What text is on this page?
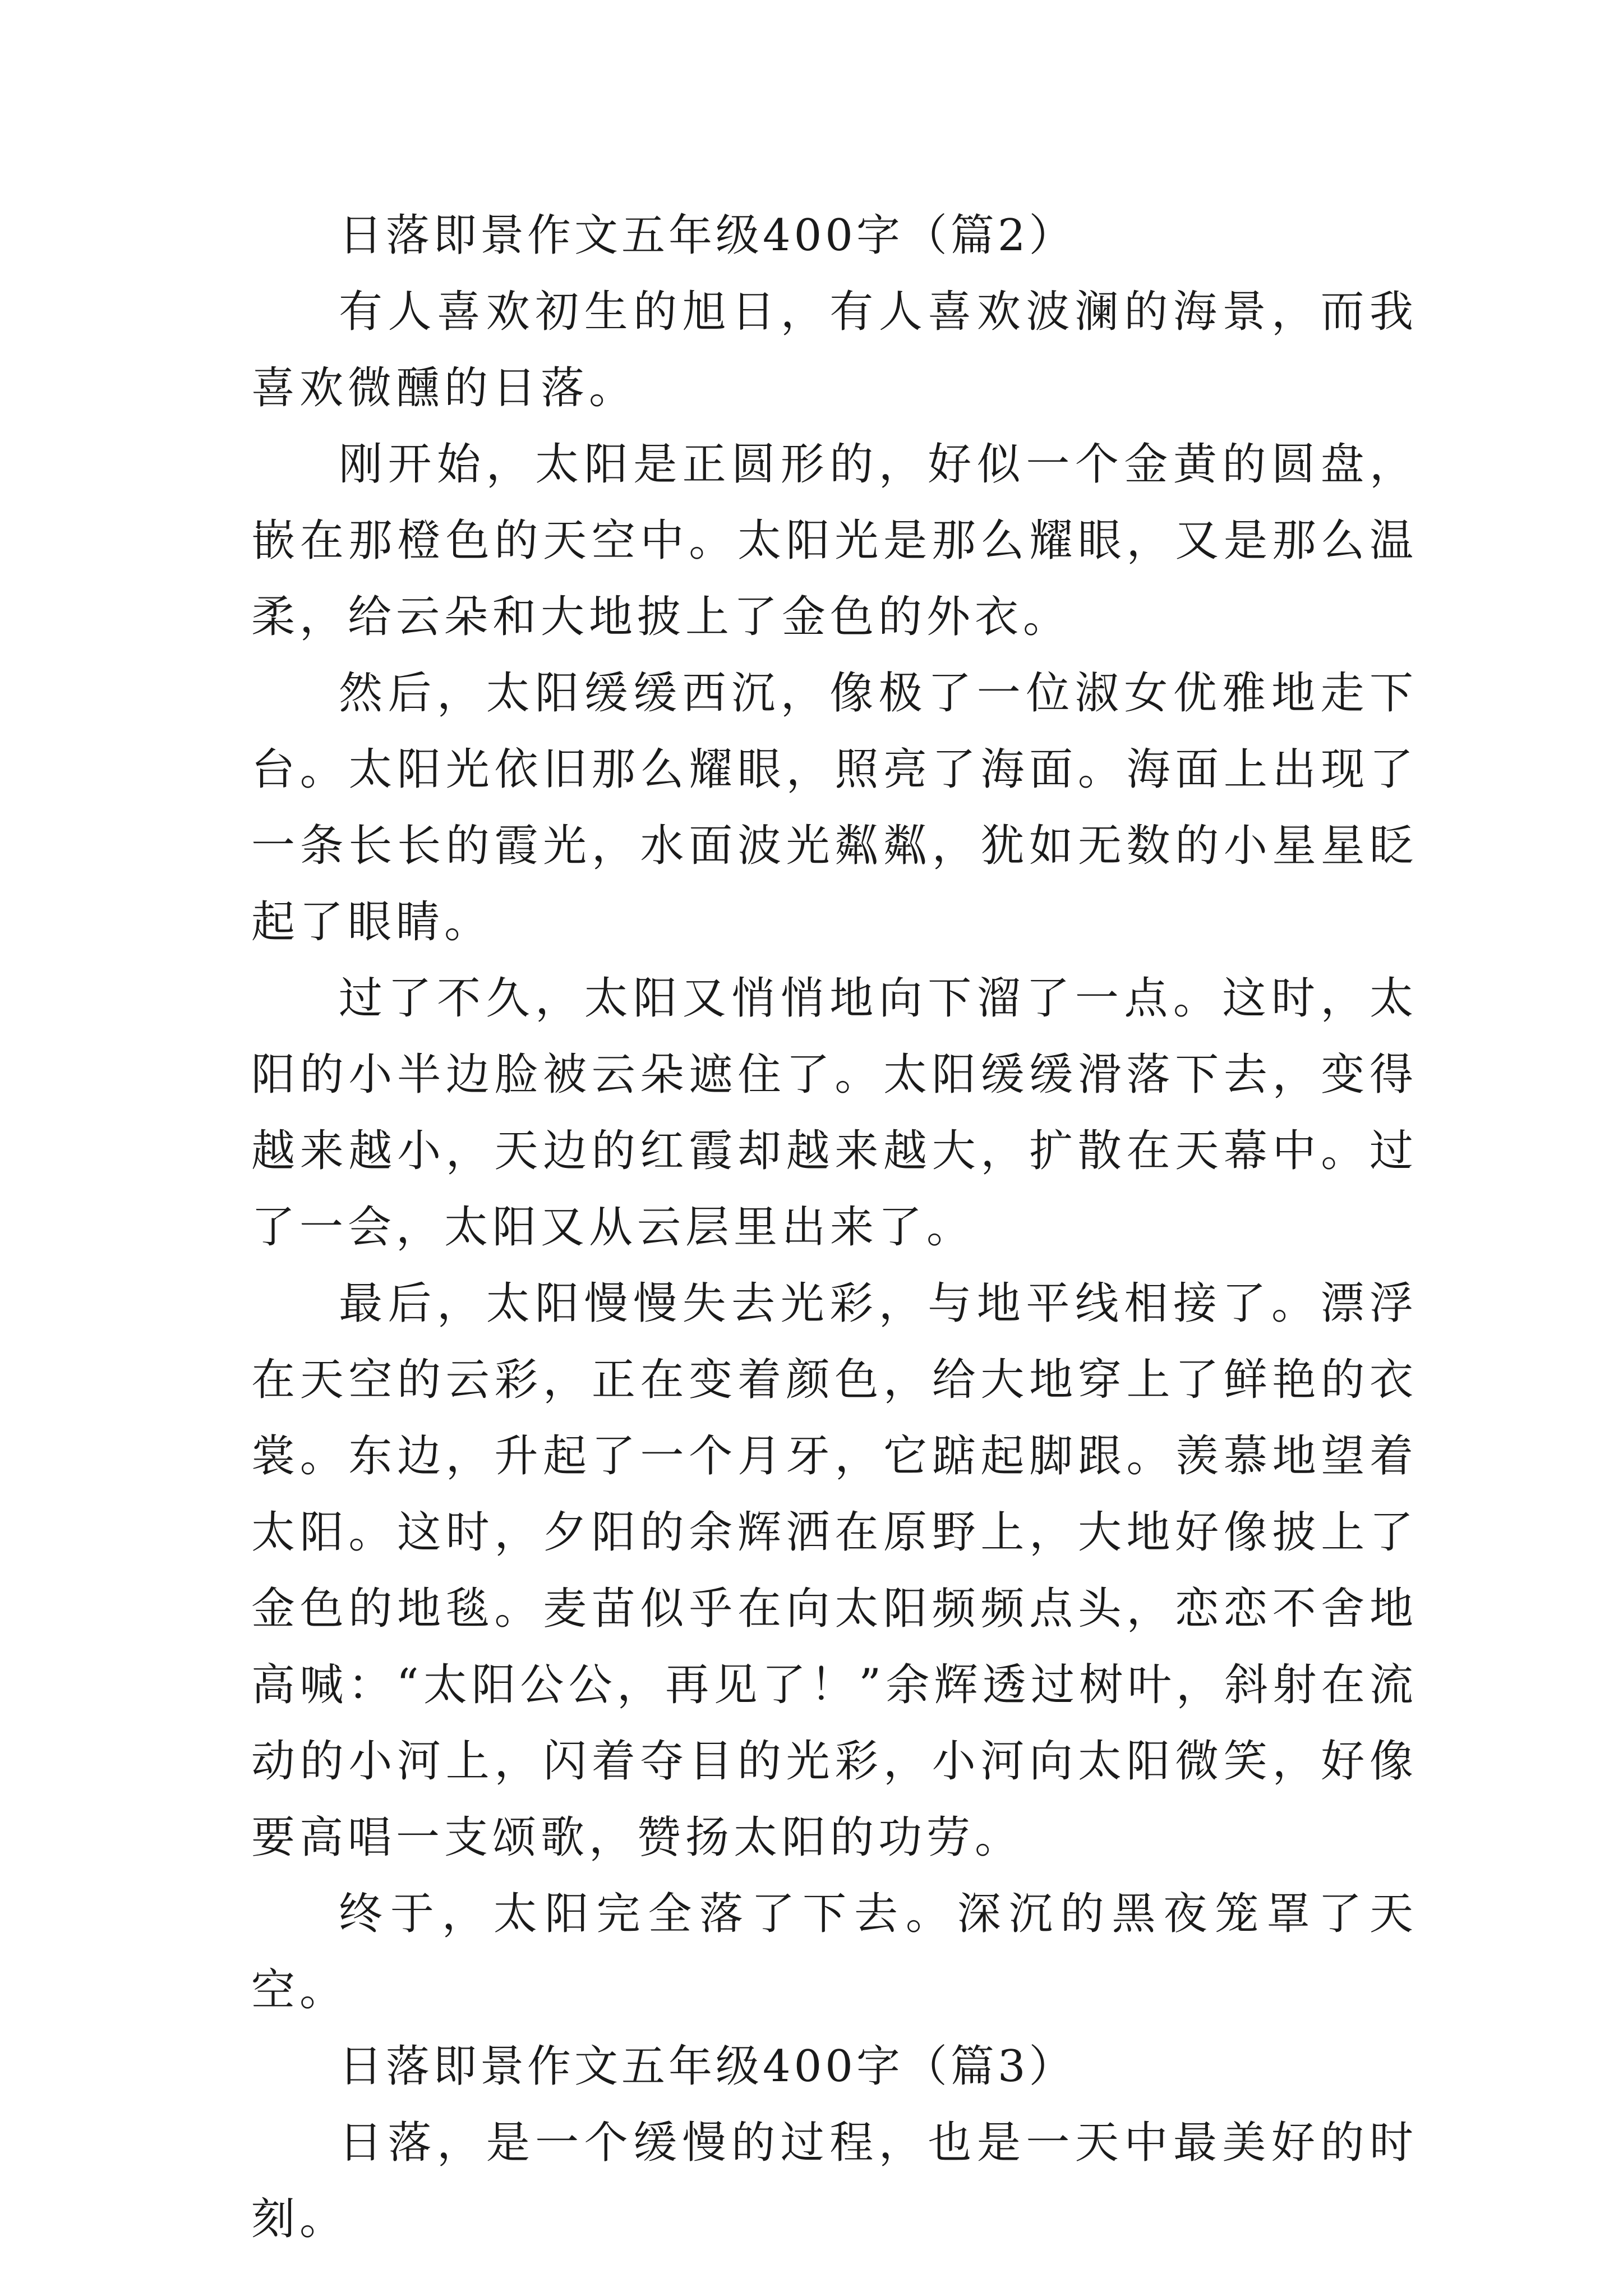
日落即景作文五年级400字（篇2）

有人喜欢初生的旭日，有人喜欢波澜的海景，而我喜欢微醺的日落。

刚开始，太阳是正圆形的，好似一个金黄的圆盘，嵌在那橙色的天空中。太阳光是那么耀眼，又是那么温柔，给云朵和大地披上了金色的外衣。

然后，太阳缓缓西沉，像极了一位淑女优雅地走下台。太阳光依旧那么耀眼，照亮了海面。海面上出现了一条长长的霞光，水面波光粼粼，犹如无数的小星星眨起了眼睛。

过了不久，太阳又悄悄地向下溜了一点。这时，太阳的小半边脸被云朵遮住了。太阳缓缓滑落下去，变得越来越小，天边的红霞却越来越大，扩散在天幕中。过了一会，太阳又从云层里出来了。

最后，太阳慢慢失去光彩，与地平线相接了。漂浮在天空的云彩，正在变着颜色，给大地穿上了鲜艳的衣裳。东边，升起了一个月牙，它踮起脚跟。羡慕地望着太阳。这时，夕阳的余辉洒在原野上，大地好像披上了金色的地毯。麦苗似乎在向太阳频频点头，恋恋不舍地高喊：“太阳公公，再见了！”余辉透过树叶，斜射在流动的小河上，闪着夺目的光彩，小河向太阳微笑，好像要高唱一支颂歌，赞扬太阳的功劳。

终于，太阳完全落了下去。深沉的黑夜笼罩了天空。

日落即景作文五年级400字（篇3）

日落，是一个缓慢的过程，也是一天中最美好的时刻。
